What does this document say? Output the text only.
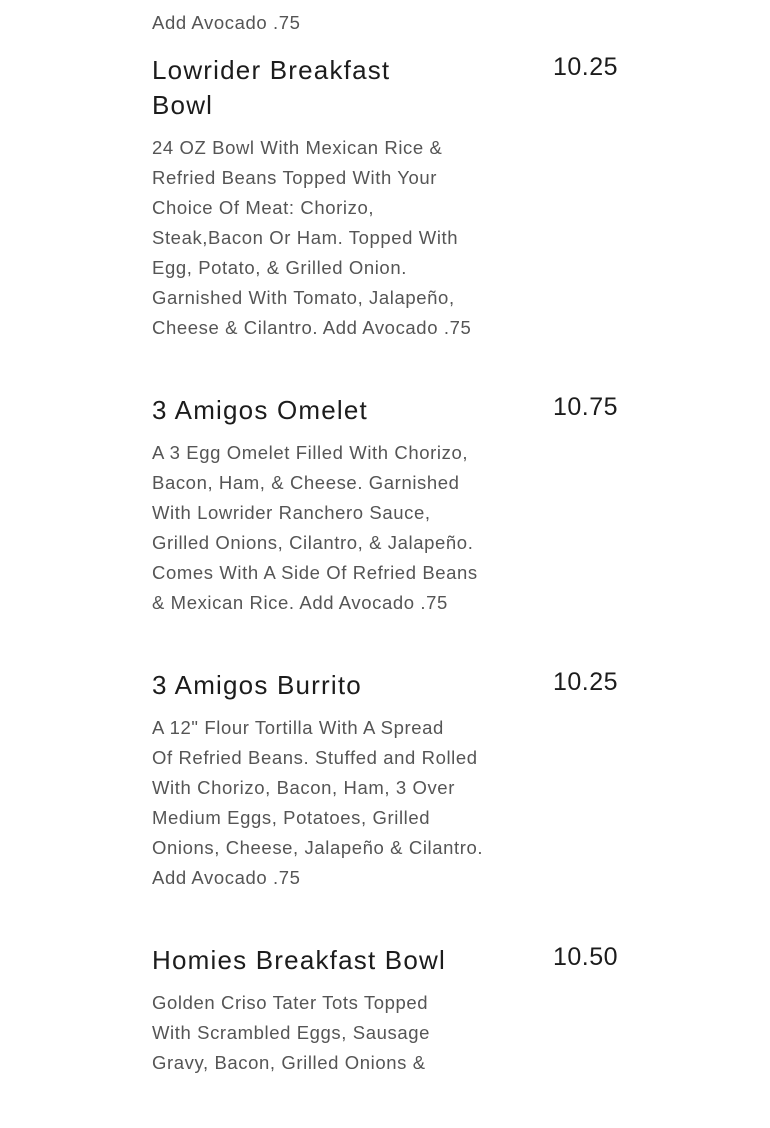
Add Avocado .75
Lowrider Breakfast Bowl
10.25
24 OZ Bowl With Mexican Rice &
Refried Beans Topped With Your
Choice Of Meat: Chorizo,
Steak,Bacon Or Ham. Topped With
Egg, Potato, & Grilled Onion.
Garnished With Tomato, Jalapeño,
Cheese & Cilantro. Add Avocado .75
3 Amigos Omelet	10.75
A 3 Egg Omelet Filled With Chorizo,
Bacon, Ham, & Cheese. Garnished
With Lowrider Ranchero Sauce,
Grilled Onions, Cilantro, & Jalapeño.
Comes With A Side Of Refried Beans
& Mexican Rice. Add Avocado .75
3 Amigos Burrito	10.25
A 12" Flour Tortilla With A Spread
Of Refried Beans. Stuffed and Rolled
With Chorizo, Bacon, Ham, 3 Over
Medium Eggs, Potatoes, Grilled
Onions, Cheese, Jalapeño & Cilantro.
Add Avocado .75
Homies Breakfast Bowl	10.50
Golden Criso Tater Tots Topped
With Scrambled Eggs, Sausage
Gravy, Bacon, Grilled Onions &
